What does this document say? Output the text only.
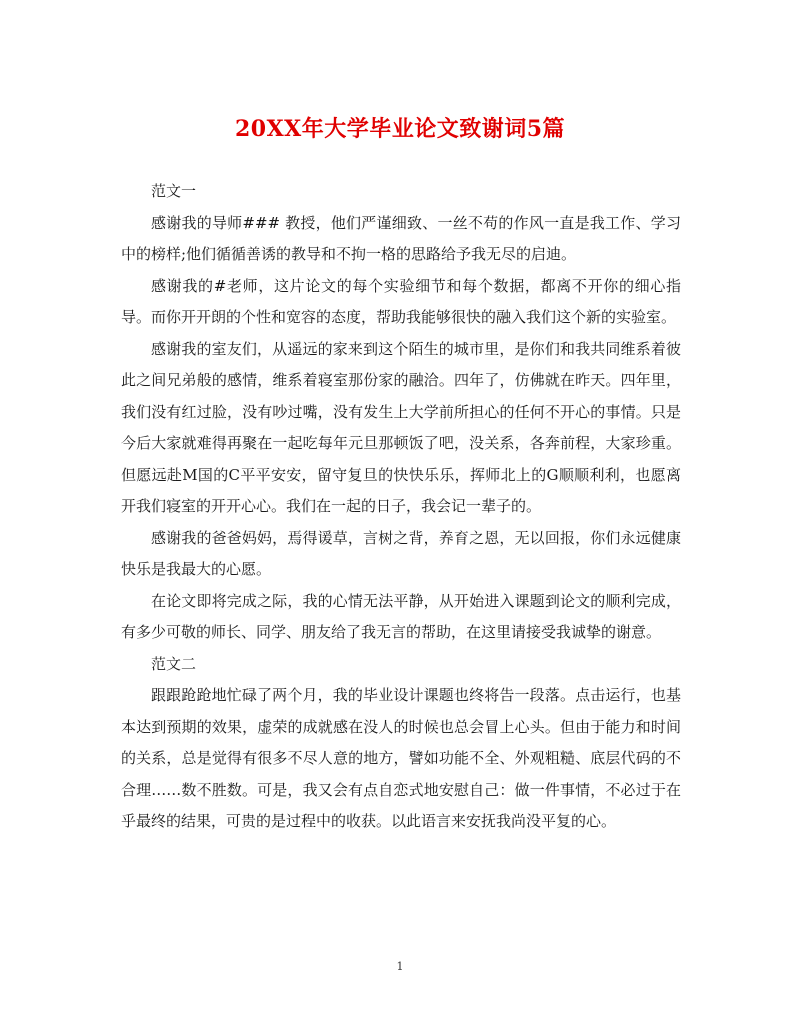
20XX年大学毕业论文致谢词5篇

范文一

感谢我的导师### 教授，他们严谨细致、一丝不苟的作风一直是我工作、学习中的榜样;他们循循善诱的教导和不拘一格的思路给予我无尽的启迪。

感谢我的#老师，这片论文的每个实验细节和每个数据，都离不开你的细心指导。而你开开朗的个性和宽容的态度，帮助我能够很快的融入我们这个新的实验室。

感谢我的室友们，从遥远的家来到这个陌生的城市里，是你们和我共同维系着彼此之间兄弟般的感情，维系着寝室那份家的融洽。四年了，仿佛就在昨天。四年里，我们没有红过脸，没有吵过嘴，没有发生上大学前所担心的任何不开心的事情。只是今后大家就难得再聚在一起吃每年元旦那顿饭了吧，没关系，各奔前程，大家珍重。但愿远赴M国的C平平安安，留守复旦的快快乐乐，挥师北上的G顺顺利利，也愿离开我们寝室的开开心心。我们在一起的日子，我会记一辈子的。

感谢我的爸爸妈妈，焉得谖草，言树之背，养育之恩，无以回报，你们永远健康快乐是我最大的心愿。

在论文即将完成之际，我的心情无法平静，从开始进入课题到论文的顺利完成，有多少可敬的师长、同学、朋友给了我无言的帮助，在这里请接受我诚挚的谢意。

范文二

跟跟跄跄地忙碌了两个月，我的毕业设计课题也终将告一段落。点击运行，也基本达到预期的效果，虚荣的成就感在没人的时候也总会冒上心头。但由于能力和时间的关系，总是觉得有很多不尽人意的地方，譬如功能不全、外观粗糙、底层代码的不合理……数不胜数。可是，我又会有点自恋式地安慰自己：做一件事情，不必过于在乎最终的结果，可贵的是过程中的收获。以此语言来安抚我尚没平复的心。

1
